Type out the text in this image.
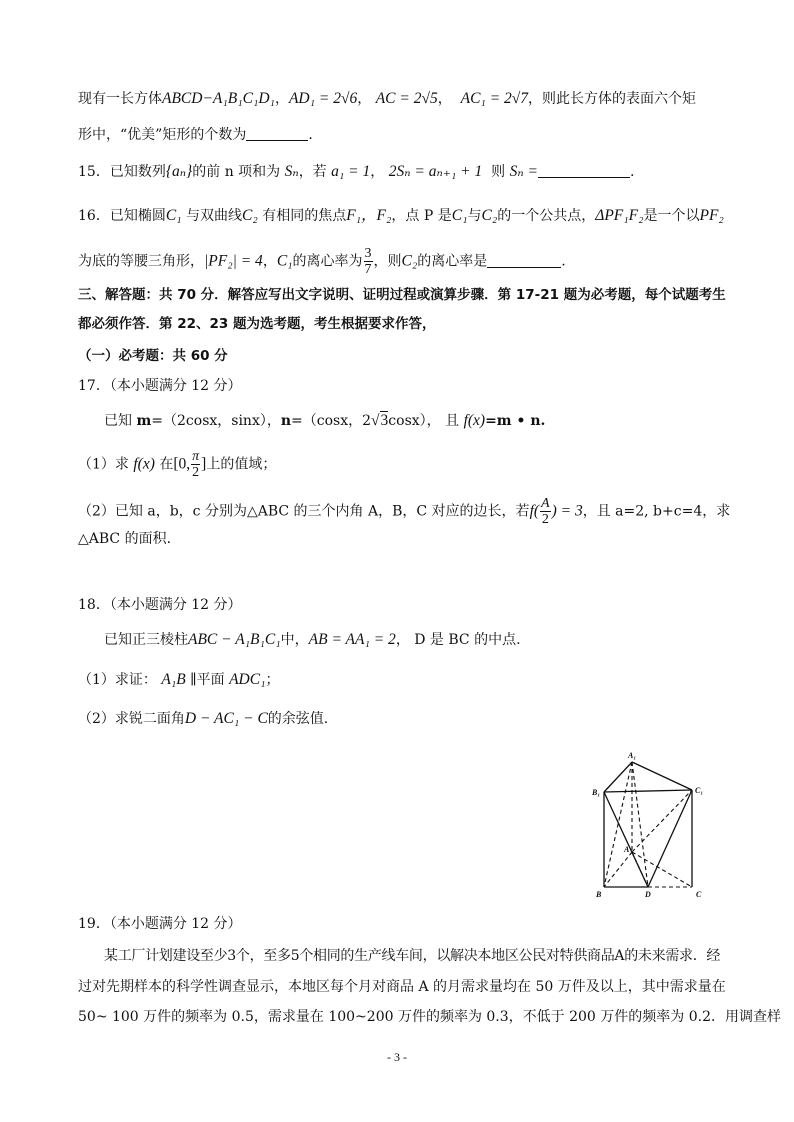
现有一长方体ABCD−A₁B₁C₁D₁，AD₁ = 2√6， AC = 2√5，  AC₁ = 2√7，则此长方体的表面六个矩
形中，“优美”矩形的个数为	.
15．已知数列{aₙ}的前 n 项和为 Sₙ，若 a₁ = 1， 2Sₙ = aₙ₊₁ + 1 则 Sₙ =	.
16．已知椭圆C₁ 与双曲线C₂ 有相同的焦点F₁，F₂，点 P 是C₁与C₂的一个公共点，ΔPF₁F₂是一个以PF₂
为底的等腰三角形，|PF₂| = 4，C₁的离心率为 $\frac{3}{7}$ ，则C₂的离心率是	.
三、解答题：共 70 分．解答应写出文字说明、证明过程或演算步骤．第 17-21 题为必考题，每个试题考生
都必须作答．第 22、23 题为选考题，考生根据要求作答，
（一）必考题：共 60 分
17．（本小题满分 12 分）
已知 m=（2cosx，sinx），n=（cosx，2√3cosx）， 且 f(x)=m • n.
（1）求 f(x) 在[0, $\frac{\pi}{2}$ ]上的值域；
（2）已知 a，b，c 分别为△ABC 的三个内角 A，B，C 对应的边长，若$f( \frac{A}{2}$ ) = 3，且 a=2, b+c=4，求
△ABC 的面积.
18．（本小题满分 12 分）
已知正三棱柱ABC − A₁B₁C₁中，AB = AA₁ = 2， D 是 BC 的中点.
（1）求证： A₁B ∥平面 ADC₁；
（2）求锐二面角D − AC₁ − C的余弦值.
A₁
B₁	C₁
A
B	C
D
19．（本小题满分 12 分）
某工厂计划建设至少3个，至多5个相同的生产线车间，以解决本地区公民对特供商品A的未来需求．经
过对先期样本的科学性调查显示，本地区每个月对商品 A 的月需求量均在 50 万件及以上，其中需求量在
50~ 100 万件的频率为 0.5，需求量在 100~200 万件的频率为 0.3，不低于 200 万件的频率为 0.2．用调查样
- 3 -
